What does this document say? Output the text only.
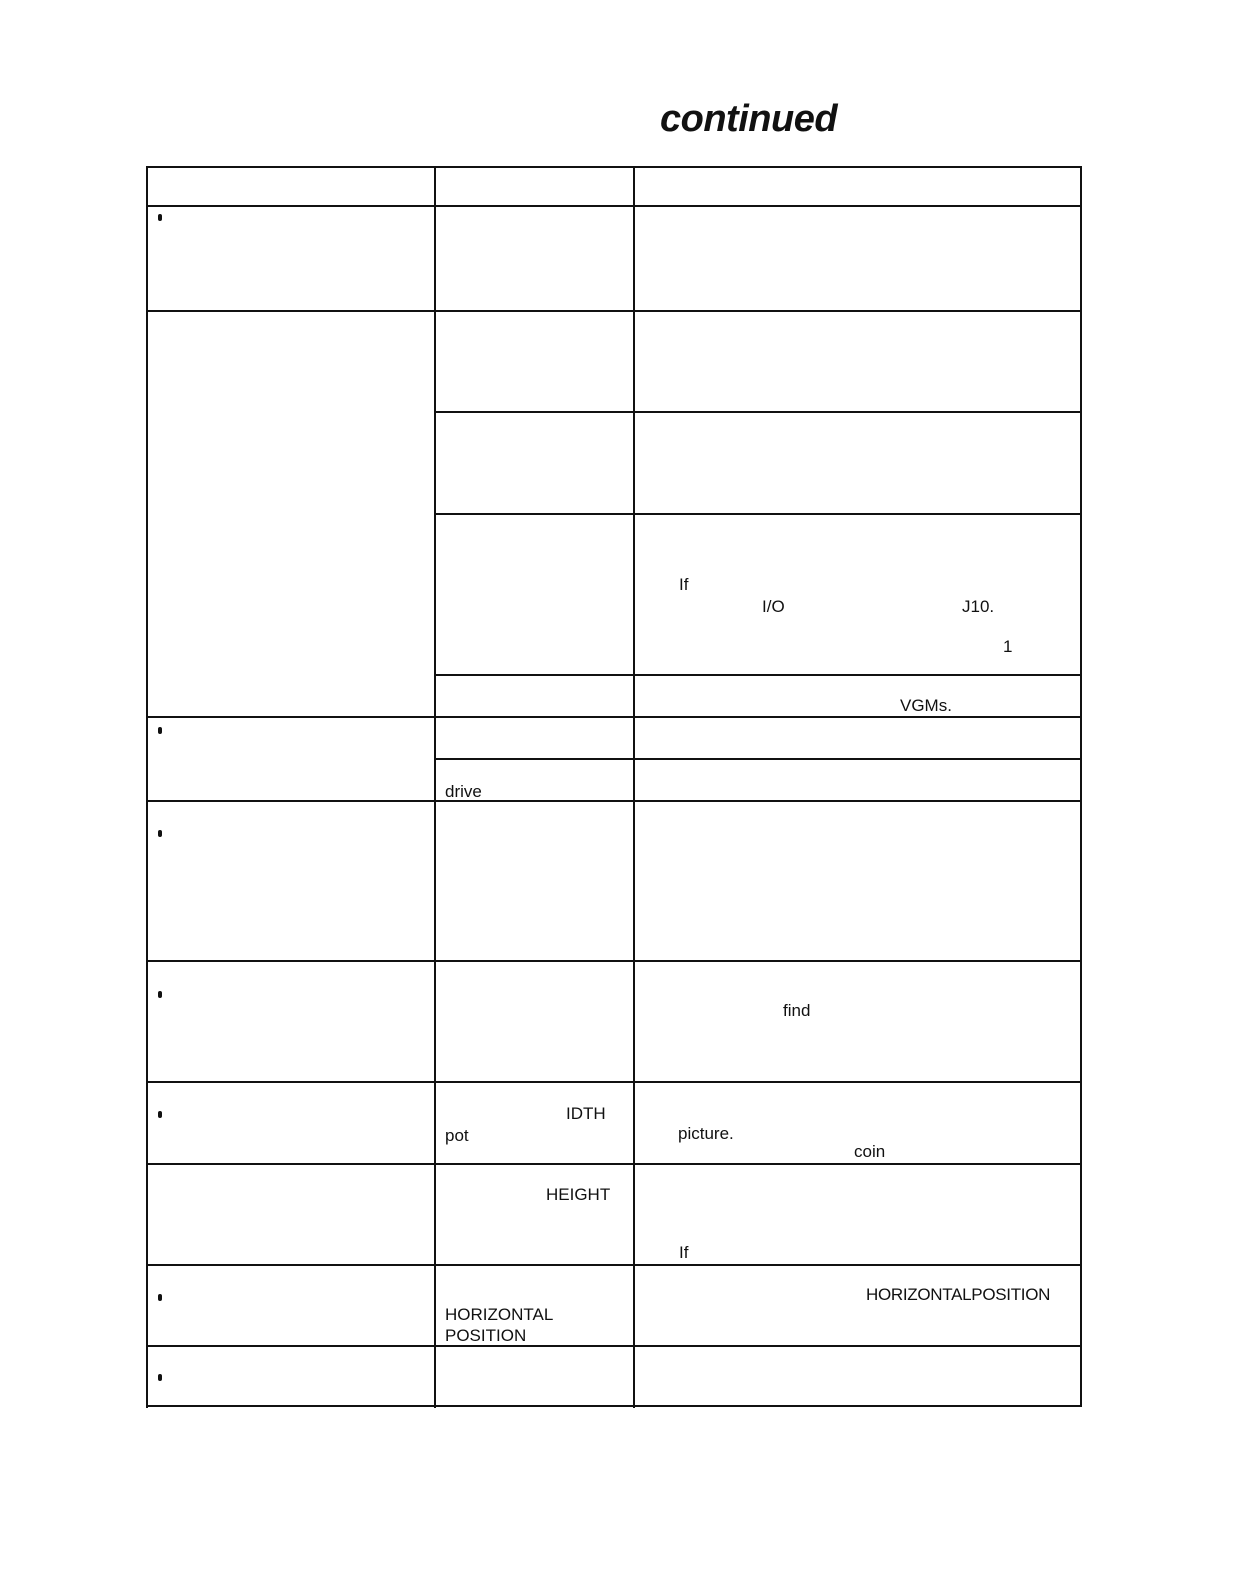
continued
If
I/O	J10.
1
VGMs.
drive
find
IDTH
pot	picture.
coin
HEIGHT
If
HORIZONTALPOSITION
HORIZONTAL
POSITION
